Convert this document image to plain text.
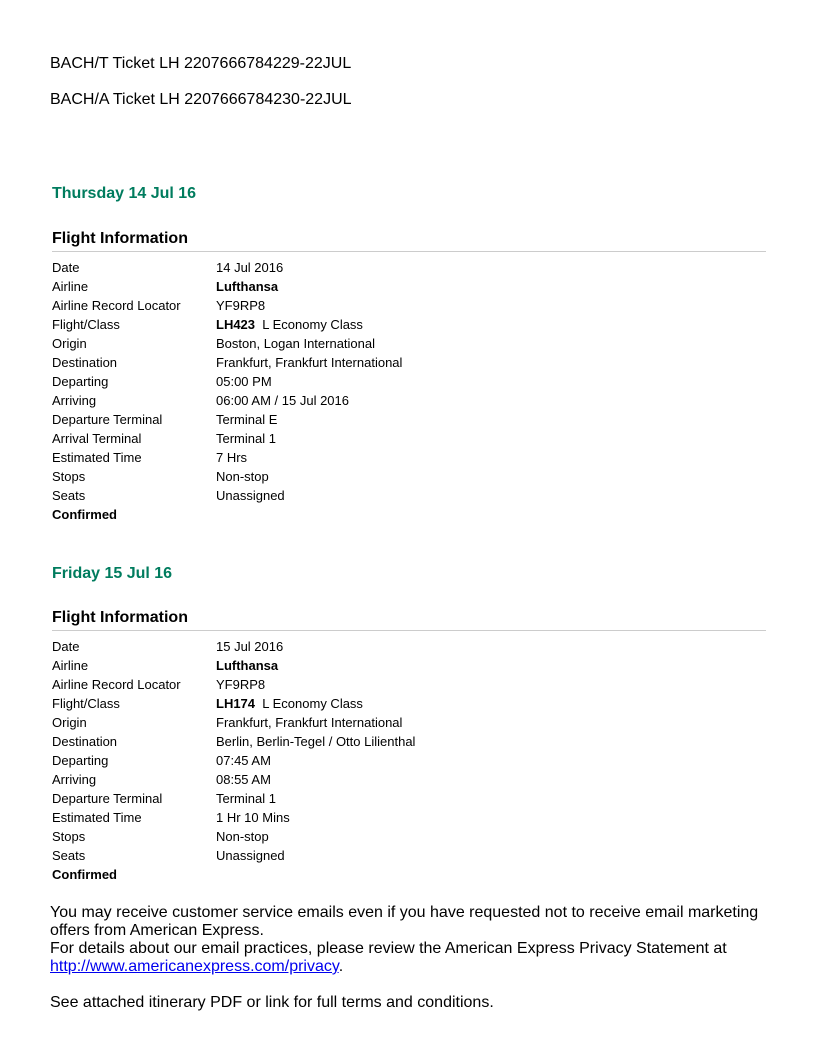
BACH/T Ticket LH 2207666784229-22JUL
BACH/A Ticket LH 2207666784230-22JUL
Thursday 14 Jul 16
Flight Information
Date	14 Jul 2016
Airline	Lufthansa
Airline Record Locator	YF9RP8
Flight/Class	LH423 L Economy Class
Origin	Boston, Logan International
Destination	Frankfurt, Frankfurt International
Departing	05:00 PM
Arriving	06:00 AM / 15 Jul 2016
Departure Terminal	Terminal E
Arrival Terminal	Terminal 1
Estimated Time	7 Hrs
Stops	Non-stop
Seats	Unassigned
Confirmed
Friday 15 Jul 16
Flight Information
Date	15 Jul 2016
Airline	Lufthansa
Airline Record Locator	YF9RP8
Flight/Class	LH174 L Economy Class
Origin	Frankfurt, Frankfurt International
Destination	Berlin, Berlin-Tegel / Otto Lilienthal
Departing	07:45 AM
Arriving	08:55 AM
Departure Terminal	Terminal 1
Estimated Time	1 Hr 10 Mins
Stops	Non-stop
Seats	Unassigned
Confirmed

You may receive customer service emails even if you have requested not to receive email marketing offers from American Express.

For details about our email practices, please review the American Express Privacy Statement at http://www.americanexpress.com/privacy.

See attached itinerary PDF or link for full terms and conditions.
